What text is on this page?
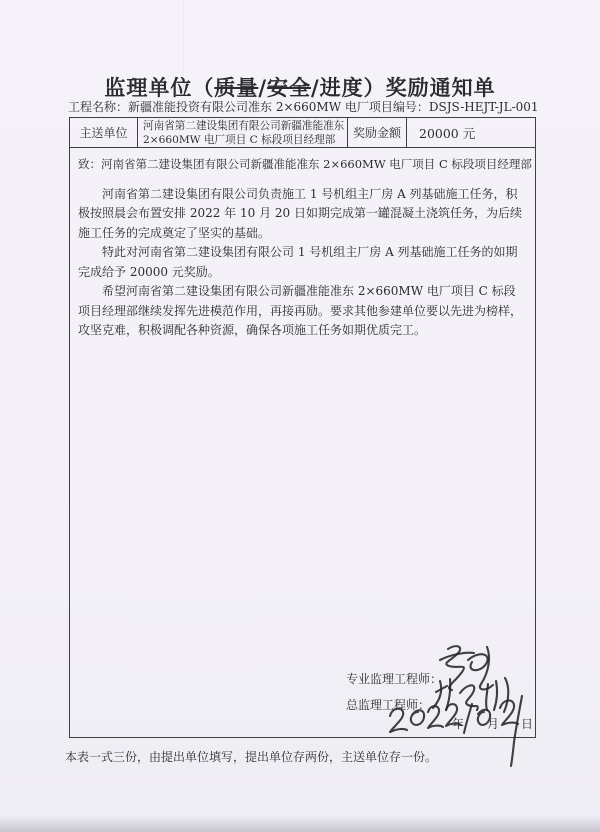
监理单位（质量/安全/进度）奖励通知单
工程名称：新疆准能投资有限公司准东 2×660MW 电厂项目 编号：DSJS-HEJT-JL-001
主送单位	河南省第二建设集团有限公司新疆准能准东
2×660MW 电厂项目 C 标段项目经理部	奖励金额	20000 元
致：河南省第二建设集团有限公司新疆准能准东 2×660MW 电厂项目 C 标段项目经理部

河南省第二建设集团有限公司负责施工 1 号机组主厂房 A 列基础施工任务，积极按照晨会布置安排 2022 年 10 月 20 日如期完成第一罐混凝土浇筑任务，为后续施工任务的完成奠定了坚实的基础。

特此对河南省第二建设集团有限公司 1 号机组主厂房 A 列基础施工任务的如期完成给予 20000 元奖励。

希望河南省第二建设集团有限公司新疆准能准东 2×660MW 电厂项目 C 标段项目经理部继续发挥先进模范作用，再接再励。要求其他参建单位要以先进为榜样，攻坚克难，积极调配各种资源，确保各项施工任务如期优质完工。

专业监理工程师：
总监理工程师：
年 月 日
本表一式三份，由提出单位填写，提出单位存两份，主送单位存一份。
